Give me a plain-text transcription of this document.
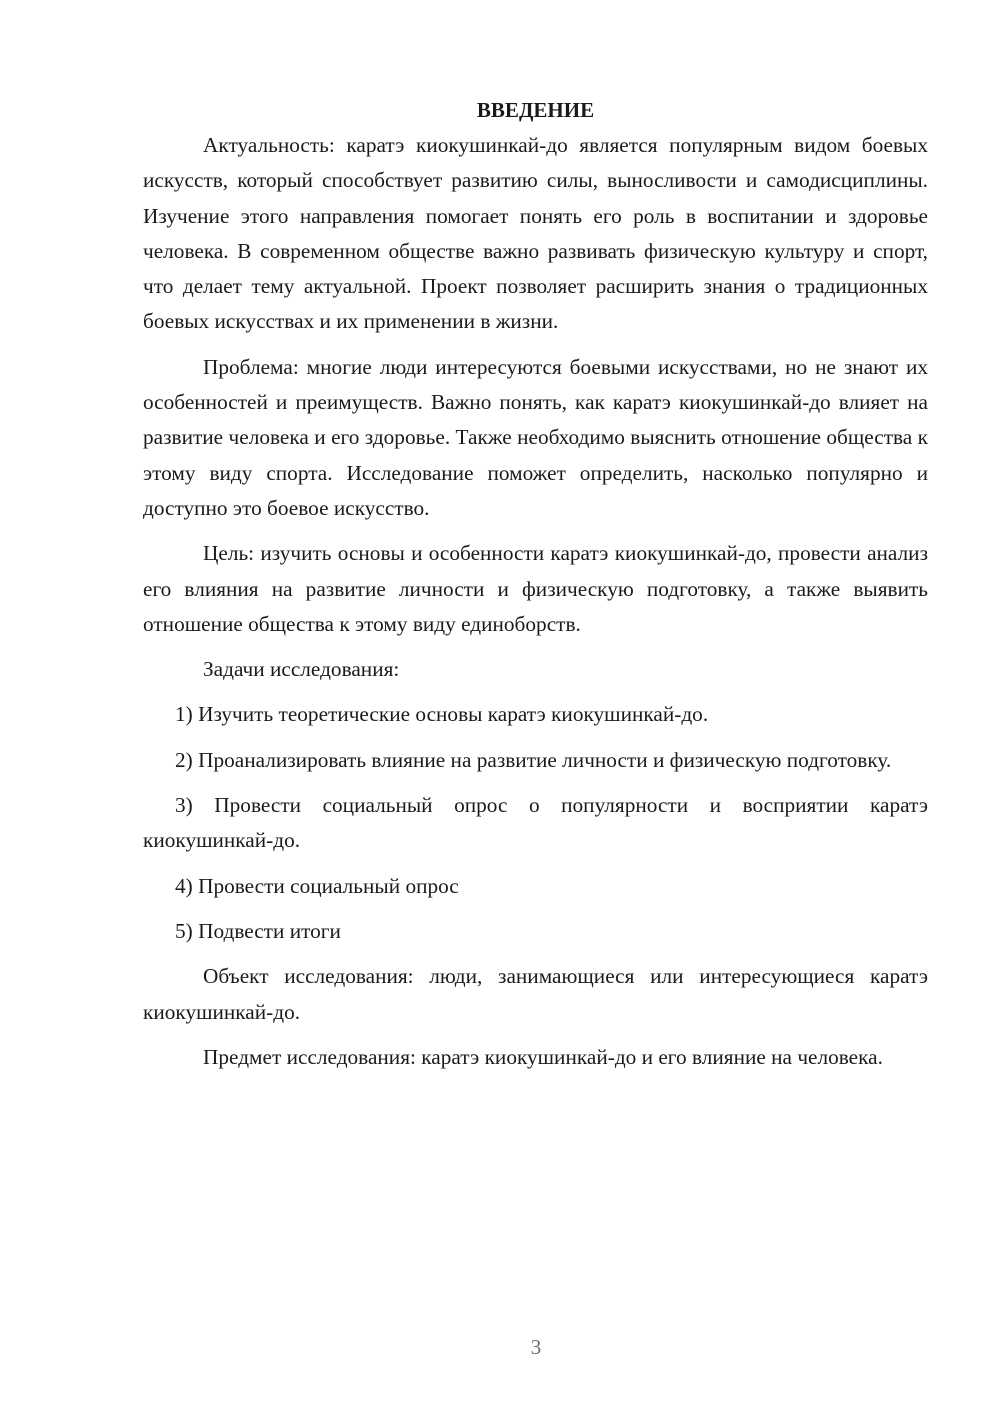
ВВЕДЕНИЕ

Актуальность: каратэ киокушинкай-до является популярным видом боевых искусств, который способствует развитию силы, выносливости и самодисциплины. Изучение этого направления помогает понять его роль в воспитании и здоровье человека. В современном обществе важно развивать физическую культуру и спорт, что делает тему актуальной. Проект позволяет расширить знания о традиционных боевых искусствах и их применении в жизни.

Проблема: многие люди интересуются боевыми искусствами, но не знают их особенностей и преимуществ. Важно понять, как каратэ киокушинкай-до влияет на развитие человека и его здоровье. Также необходимо выяснить отношение общества к этому виду спорта. Исследование поможет определить, насколько популярно и доступно это боевое искусство.

Цель: изучить основы и особенности каратэ киокушинкай-до, провести анализ его влияния на развитие личности и физическую подготовку, а также выявить отношение общества к этому виду единоборств.

Задачи исследования:

1) Изучить теоретические основы каратэ киокушинкай-до.

2) Проанализировать влияние на развитие личности и физическую подготовку.

3) Провести социальный опрос о популярности и восприятии каратэ киокушинкай-до.

4) Провести социальный опрос

5) Подвести итоги

Объект исследования: люди, занимающиеся или интересующиеся каратэ киокушинкай-до.

Предмет исследования: каратэ киокушинкай-до и его влияние на человека.

3
